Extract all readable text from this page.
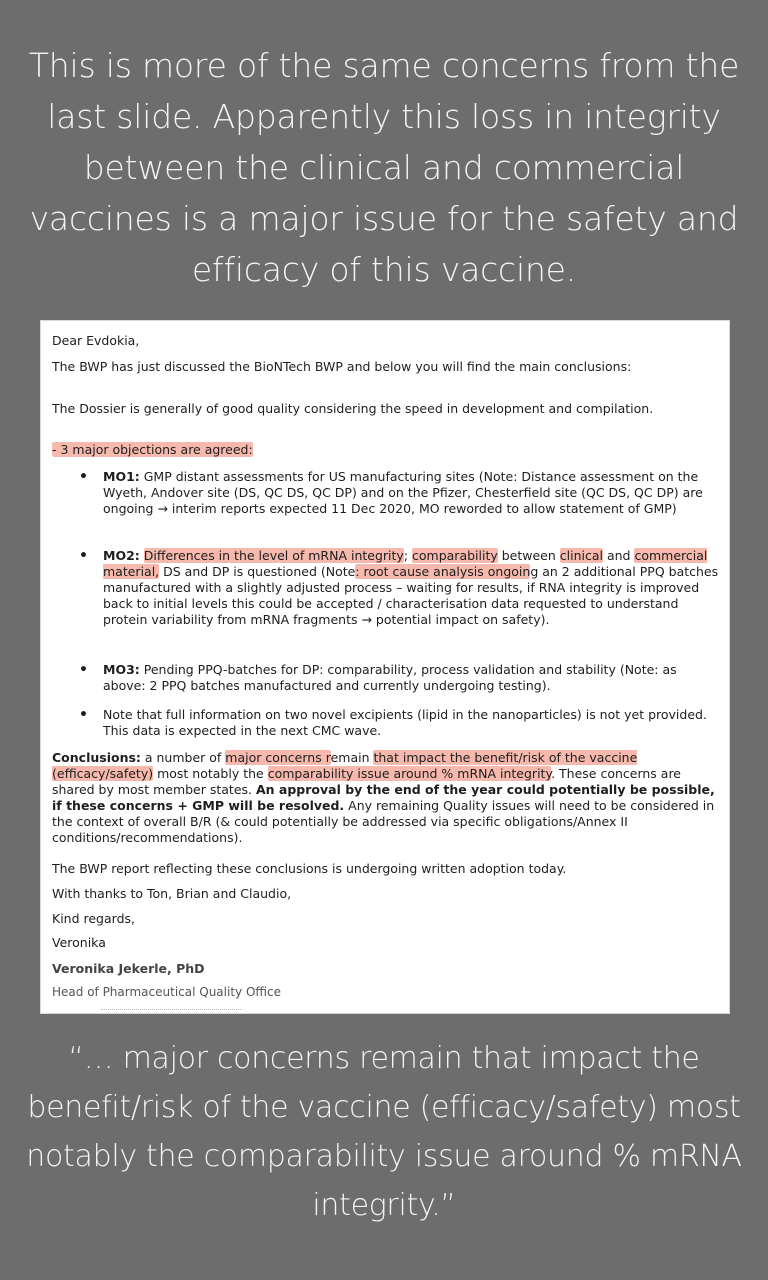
This is more of the same concerns from the last slide. Apparently this loss in integrity between the clinical and commercial vaccines is a major issue for the safety and efficacy of this vaccine.

Dear Evdokia,

The BWP has just discussed the BioNTech BWP and below you will find the main conclusions:

The Dossier is generally of good quality considering the speed in development and compilation.

- 3 major objections are agreed:

• MO1: GMP distant assessments for US manufacturing sites (Note: Distance assessment on the Wyeth, Andover site (DS, QC DS, QC DP) and on the Pfizer, Chesterfield site (QC DS, QC DP) are ongoing → interim reports expected 11 Dec 2020, MO reworded to allow statement of GMP)
• MO2: Differences in the level of mRNA integrity; comparability between clinical and commercial material, DS and DP is questioned (Note: root cause analysis ongoing an 2 additional PPQ batches manufactured with a slightly adjusted process – waiting for results, if RNA integrity is improved back to initial levels this could be accepted / characterisation data requested to understand protein variability from mRNA fragments → potential impact on safety).
• MO3: Pending PPQ-batches for DP: comparability, process validation and stability (Note: as above: 2 PPQ batches manufactured and currently undergoing testing).
• Note that full information on two novel excipients (lipid in the nanoparticles) is not yet provided. This data is expected in the next CMC wave.

Conclusions: a number of major concerns remain that impact the benefit/risk of the vaccine (efficacy/safety) most notably the comparability issue around % mRNA integrity. These concerns are shared by most member states. An approval by the end of the year could potentially be possible, if these concerns + GMP will be resolved. Any remaining Quality issues will need to be considered in the context of overall B/R (& could potentially be addressed via specific obligations/Annex II conditions/recommendations).

The BWP report reflecting these conclusions is undergoing written adoption today.

With thanks to Ton, Brian and Claudio,

Kind regards,

Veronika

Veronika Jekerle, PhD

Head of Pharmaceutical Quality Office

“… major concerns remain that impact the benefit/risk of the vaccine (efficacy/safety) most notably the comparability issue around % mRNA integrity.”
